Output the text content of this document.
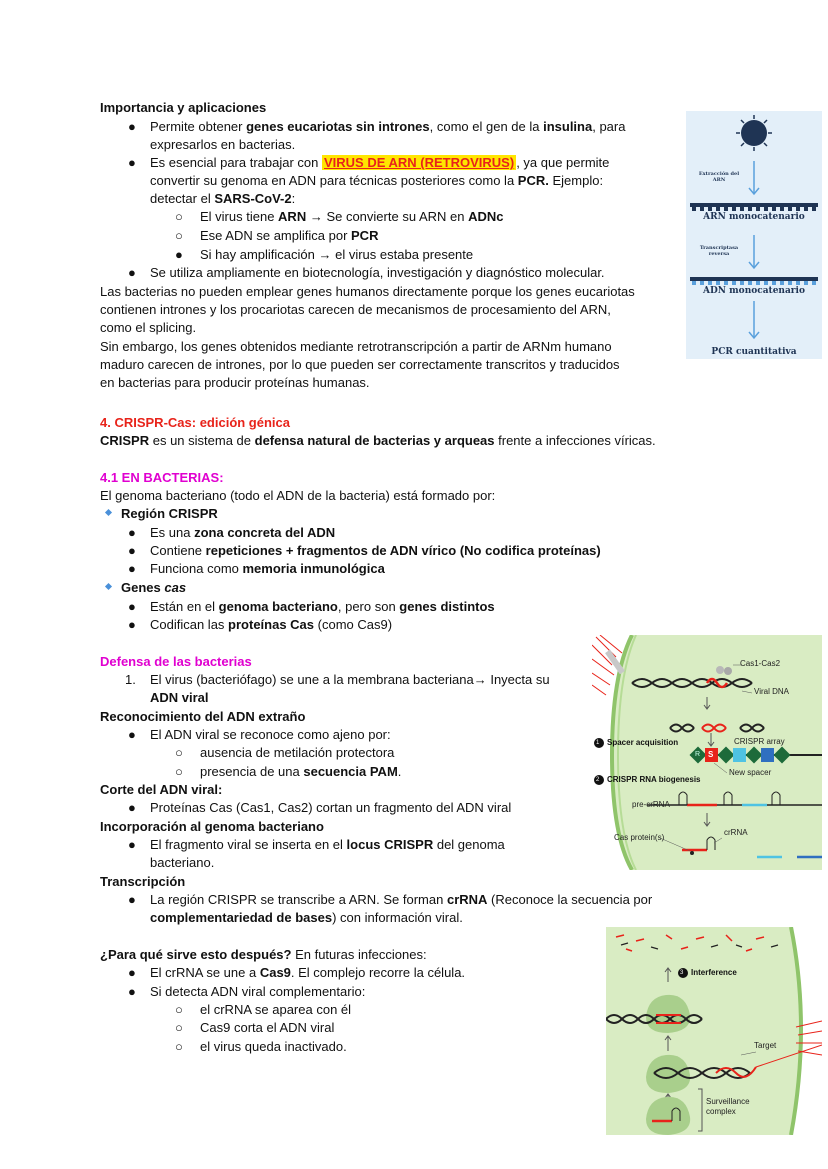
Importancia y aplicaciones
● Permite obtener genes eucariotas sin intrones, como el gen de la insulina, para
expresarlos en bacterias.
● Es esencial para trabajar con VIRUS DE ARN (RETROVIRUS) , ya que permite
convertir su genoma en ADN para técnicas posteriores como la PCR. Ejemplo:
detectar el SARS-CoV-2:
○ El virus tiene ARN → Se convierte su ARN en ADNc
○ Ese ADN se amplifica por PCR
● Si hay amplificación → el virus estaba presente
● Se utiliza ampliamente en biotecnología, investigación y diagnóstico molecular.
Las bacterias no pueden emplear genes humanos directamente porque los genes eucariotas
contienen intrones y los procariotas carecen de mecanismos de procesamiento del ARN,
como el splicing.
Sin embargo, los genes obtenidos mediante retrotranscripción a partir de ARNm humano
maduro carecen de intrones, por lo que pueden ser correctamente transcritos y traducidos
en bacterias para producir proteínas humanas.
Extracción del
ARN
ARN monocatenario
Transcriptasa
reversa
ADN monocatenario
PCR cuantitativa
4. CRISPR-Cas: edición génica
CRISPR es un sistema de defensa natural de bacterias y arqueas frente a infecciones víricas.
4.1 EN BACTERIAS:
El genoma bacteriano (todo el ADN de la bacteria) está formado por:
Región CRISPR
● Es una zona concreta del ADN
● Contiene repeticiones + fragmentos de ADN vírico (No codifica proteínas)
● Funciona como memoria inmunológica
Genes cas
● Están en el genoma bacteriano, pero son genes distintos
● Codifican las proteínas Cas (como Cas9)
Defensa de las bacterias
1. El virus (bacteriófago) se une a la membrana bacteriana→ Inyecta su
ADN viral
Reconocimiento del ADN extraño
● El ADN viral se reconoce como ajeno por:
○ ausencia de metilación protectora
○ presencia de una secuencia PAM.
Corte del ADN viral:
● Proteínas Cas (Cas1, Cas2) cortan un fragmento del ADN viral
Incorporación al genoma bacteriano
● El fragmento viral se inserta en el locus CRISPR del genoma
bacteriano.
Transcripción
● La región CRISPR se transcribe a ARN. Se forman crRNA (Reconoce la secuencia por
complementariedad de bases) con información viral.
¿Para qué sirve esto después? En futuras infecciones:
● El crRNA se une a Cas9. El complejo recorre la célula.
● Si detecta ADN viral complementario:
○ el crRNA se aparea con él
○ Cas9 corta el ADN viral
○ el virus queda inactivado.
Cas1-Cas2
Viral DNA
1 Spacer acquisition	CRISPR array
S
R
New spacer
2 CRISPR RNA biogenesis
pre-crRNA
crRNA
Cas protein(s)
3 Interference
Target
Surveillance
complex
